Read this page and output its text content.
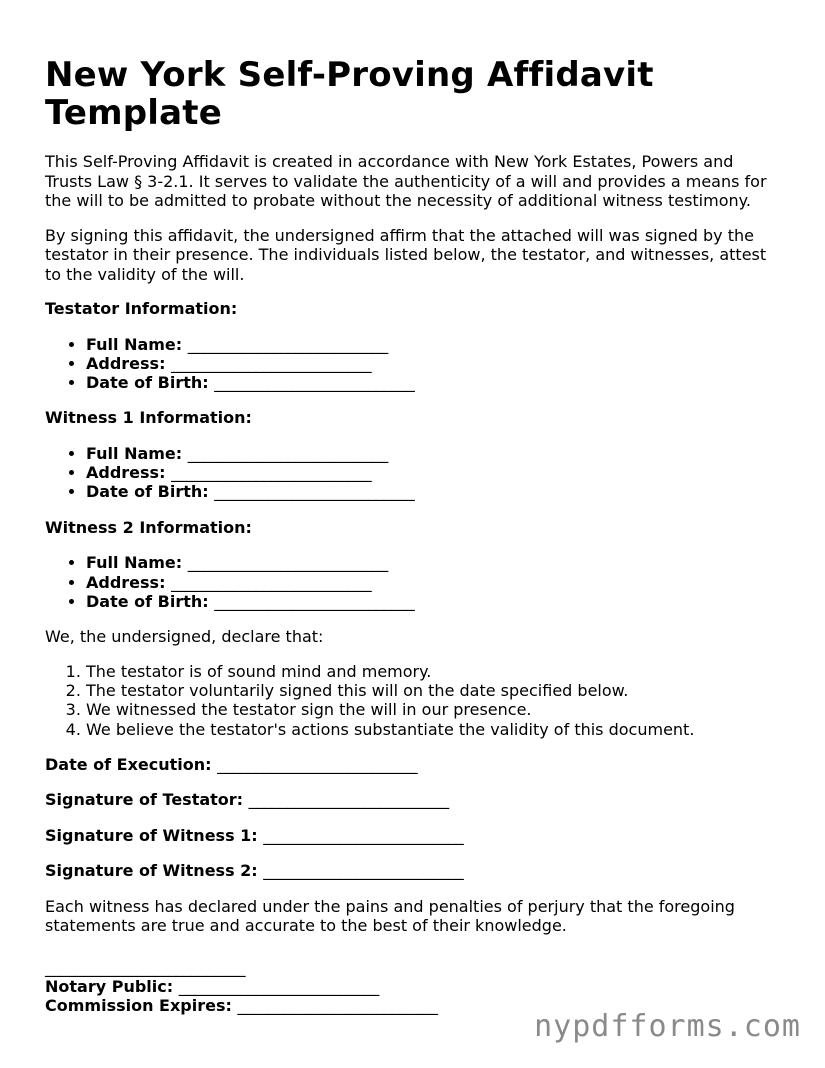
New York Self-Proving Affidavit Template

This Self-Proving Affidavit is created in accordance with New York Estates, Powers and Trusts Law § 3-2.1. It serves to validate the authenticity of a will and provides a means for the will to be admitted to probate without the necessity of additional witness testimony.

By signing this affidavit, the undersigned affirm that the attached will was signed by the testator in their presence. The individuals listed below, the testator, and witnesses, attest to the validity of the will.

Testator Information:
• Full Name: __________________________
• Address: __________________________
• Date of Birth: __________________________
Witness 1 Information:
• Full Name: __________________________
• Address: __________________________
• Date of Birth: __________________________
Witness 2 Information:
• Full Name: __________________________
• Address: __________________________
• Date of Birth: __________________________

We, the undersigned, declare that:

1. The testator is of sound mind and memory.
2. The testator voluntarily signed this will on the date specified below.
3. We witnessed the testator sign the will in our presence.
4. We believe the testator's actions substantiate the validity of this document.
Date of Execution: __________________________
Signature of Testator: __________________________
Signature of Witness 1: __________________________
Signature of Witness 2: __________________________

Each witness has declared under the pains and penalties of perjury that the foregoing statements are true and accurate to the best of their knowledge.

__________________________
Notary Public: __________________________
Commission Expires: __________________________
nypdfforms.com
